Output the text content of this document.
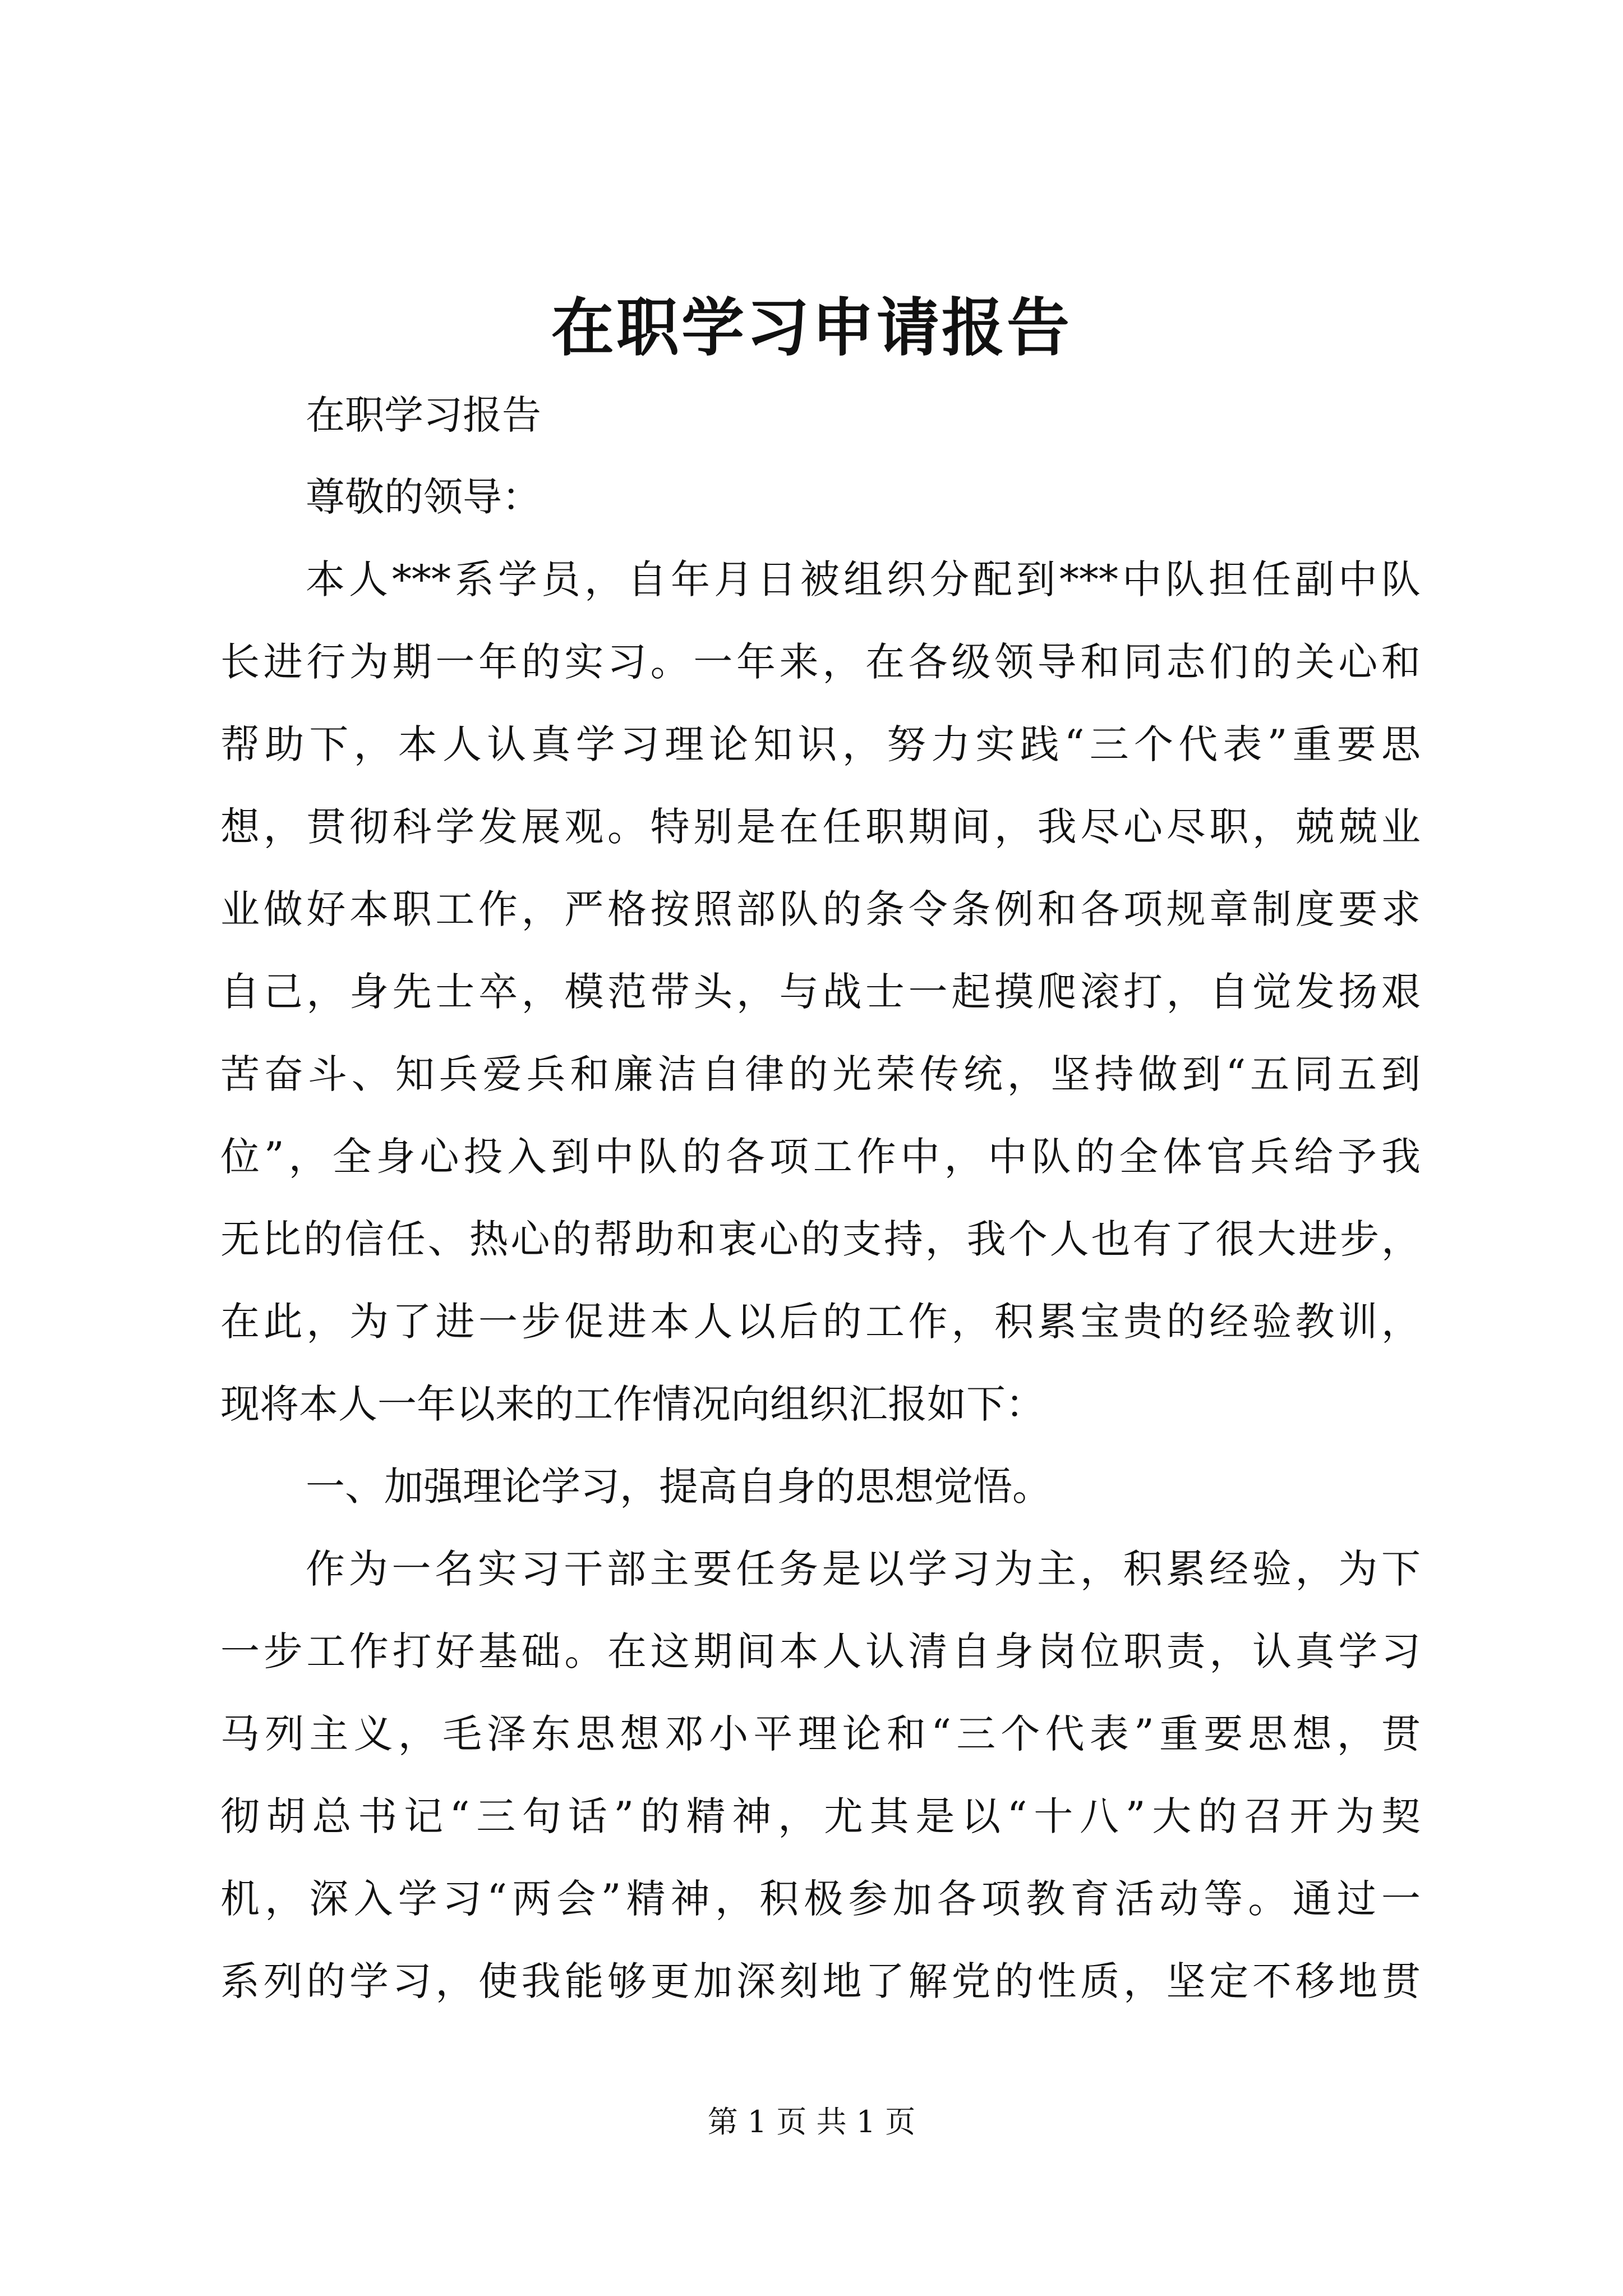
在职学习申请报告
在职学习报告
尊敬的领导：
本人***系学员，自年月日被组织分配到***中队担任副中队
长进行为期一年的实习。一年来，在各级领导和同志们的关心和
帮助下，本人认真学习理论知识，努力实践“三个代表”重要思
想，贯彻科学发展观。特别是在任职期间，我尽心尽职，兢兢业
业做好本职工作，严格按照部队的条令条例和各项规章制度要求
自己，身先士卒，模范带头，与战士一起摸爬滚打，自觉发扬艰
苦奋斗、知兵爱兵和廉洁自律的光荣传统，坚持做到“五同五到
位”，全身心投入到中队的各项工作中，中队的全体官兵给予我
无比的信任、热心的帮助和衷心的支持，我个人也有了很大进步，
在此，为了进一步促进本人以后的工作，积累宝贵的经验教训，
现将本人一年以来的工作情况向组织汇报如下：
一、加强理论学习，提高自身的思想觉悟。
作为一名实习干部主要任务是以学习为主，积累经验，为下
一步工作打好基础。在这期间本人认清自身岗位职责，认真学习
马列主义，毛泽东思想邓小平理论和“三个代表”重要思想，贯
彻胡总书记“三句话”的精神，尤其是以“十八”大的召开为契
机，深入学习“两会”精神，积极参加各项教育活动等。通过一
系列的学习，使我能够更加深刻地了解党的性质，坚定不移地贯
第 1 页 共 1 页
